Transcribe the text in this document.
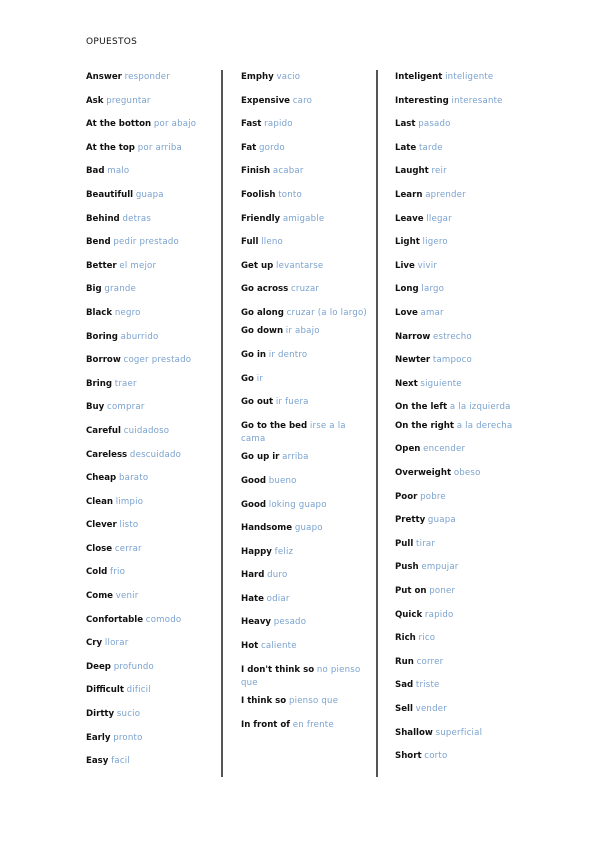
OPUESTOS
Answer responder
Ask preguntar
At the botton por abajo
At the top por arriba
Bad malo
Beautifull guapa
Behind detras
Bend pedir prestado
Better el mejor
Big grande
Black negro
Boring aburrido
Borrow coger prestado
Bring traer
Buy comprar
Careful cuidadoso
Careless descuidado
Cheap barato
Clean limpio
Clever listo
Close cerrar
Cold frio
Come venir
Confortable comodo
Cry llorar
Deep profundo
Difficult dificil
Dirtty sucio
Early pronto
Easy facil
Emphy vacio
Expensive caro
Fast rapido
Fat gordo
Finish acabar
Foolish tonto
Friendly amigable
Full lleno
Get up levantarse
Go across cruzar
Go along cruzar (a lo largo)
Go down ir abajo
Go in ir dentro
Go ir
Go out ir fuera
Go to the bed irse a la cama
Go up ir arriba
Good bueno
Good loking guapo
Handsome guapo
Happy feliz
Hard duro
Hate odiar
Heavy pesado
Hot caliente
I don't think so no pienso que
I think so pienso que
In front of en frente
Inteligent inteligente
Interesting interesante
Last pasado
Late tarde
Laught reir
Learn aprender
Leave llegar
Light ligero
Live vivir
Long largo
Love amar
Narrow estrecho
Newter tampoco
Next siguiente
On the left a la izquierda
On the right a la derecha
Open encender
Overweight obeso
Poor pobre
Pretty guapa
Pull tirar
Push empujar
Put on poner
Quick rapido
Rich rico
Run correr
Sad triste
Sell vender
Shallow superficial
Short corto
